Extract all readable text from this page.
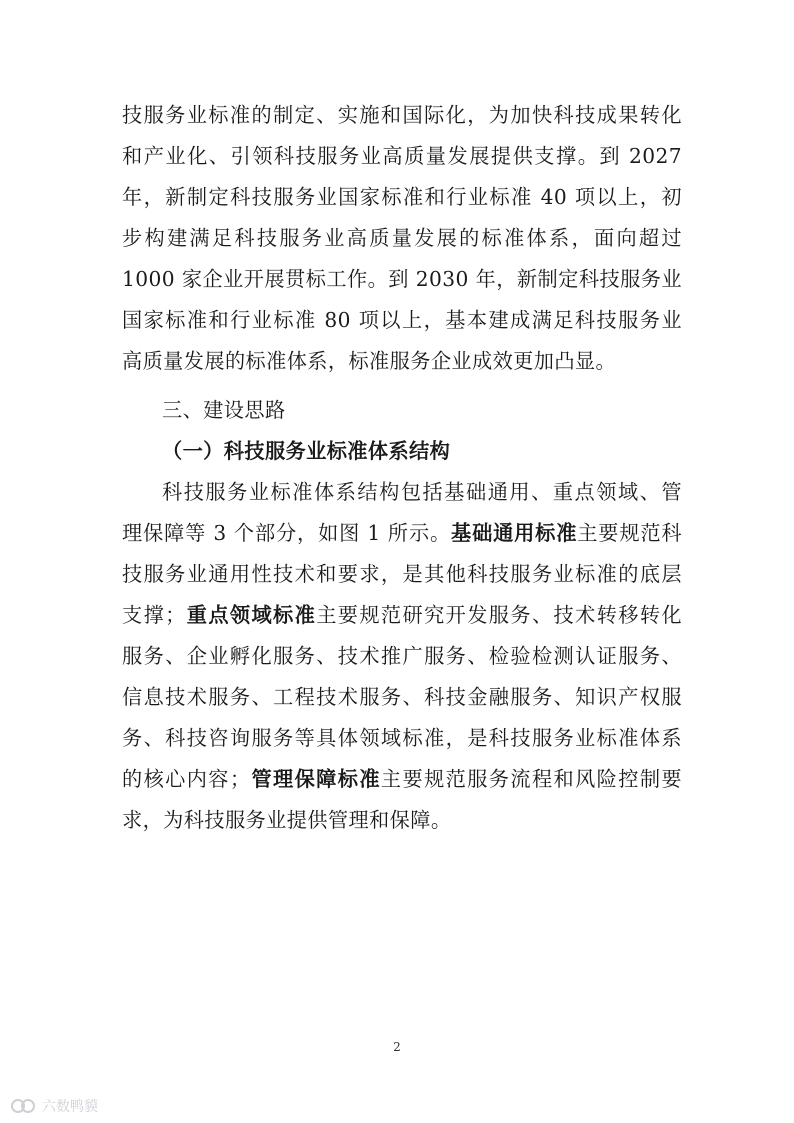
技服务业标准的制定、实施和国际化，为加快科技成果转化
和产业化、引领科技服务业高质量发展提供支撑。到 2027
年，新制定科技服务业国家标准和行业标准 40 项以上，初
步构建满足科技服务业高质量发展的标准体系，面向超过
1000 家企业开展贯标工作。到 2030 年，新制定科技服务业
国家标准和行业标准 80 项以上，基本建成满足科技服务业
高质量发展的标准体系，标准服务企业成效更加凸显。
三、建设思路
（一）科技服务业标准体系结构
科技服务业标准体系结构包括基础通用、重点领域、管
理保障等 3 个部分，如图 1 所示。基础通用标准主要规范科
技服务业通用性技术和要求，是其他科技服务业标准的底层
支撑；重点领域标准主要规范研究开发服务、技术转移转化
服务、企业孵化服务、技术推广服务、检验检测认证服务、
信息技术服务、工程技术服务、科技金融服务、知识产权服
务、科技咨询服务等具体领域标准，是科技服务业标准体系
的核心内容；管理保障标准主要规范服务流程和风险控制要
求，为科技服务业提供管理和保障。
2
六数鸭貘
